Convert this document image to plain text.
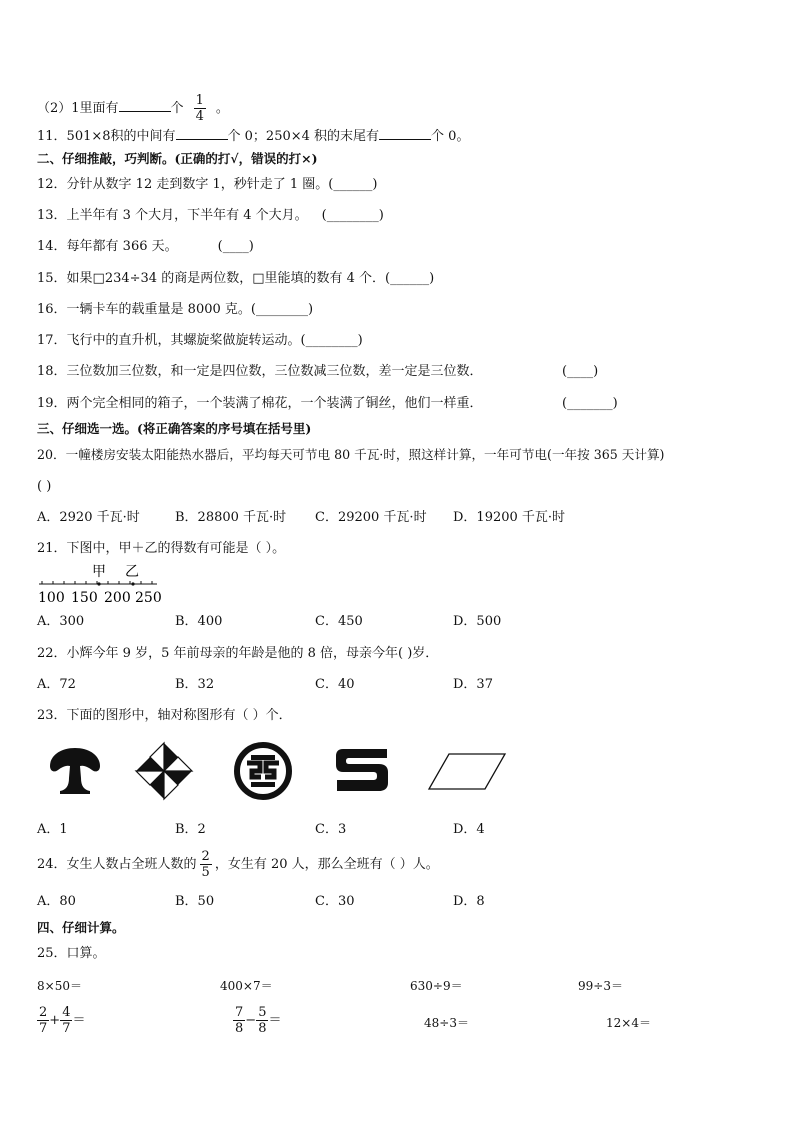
（2）1里面有	个 $\frac{1}{4}$ 。
11．501×8积的中间有	个 0；250×4 积的末尾有	个 0。
二、仔细推敲，巧判断。(正确的打√，错误的打×)
12．分针从数字 12 走到数字 1，秒针走了 1 圈。(______)
13．上半年有 3 个大月，下半年有 4 个大月。 (________)
14．每年都有 366 天。	(____)
15．如果□234÷34 的商是两位数，□里能填的数有 4 个．(______)
16．一辆卡车的载重量是 8000 克。(________)
17．飞行中的直升机，其螺旋桨做旋转运动。(________)
18．三位数加三位数，和一定是四位数，三位数减三位数，差一定是三位数．	(____)
19．两个完全相同的箱子，一个装满了棉花，一个装满了铜丝，他们一样重．	(_______)
三、仔细选一选。(将正确答案的序号填在括号里)
20．一幢楼房安装太阳能热水器后，平均每天可节电 80 千瓦·时，照这样计算，一年可节电(一年按 365 天计算)
( )
A．2920 千瓦·时	B．28800 千瓦·时 C．29200 千瓦·时 D．19200 千瓦·时
21．下图中，甲＋乙的得数有可能是（ ）。
甲 乙
100 150 200 250
A．300	B．400	C．450	D．500
22．小辉今年 9 岁，5 年前母亲的年龄是他的 8 倍，母亲今年( )岁．
A．72	B．32	C．40	D．37
23．下面的图形中，轴对称图形有（ ）个．
A．1	B．2	C．3	D．4
24．女生人数占全班人数的 $\frac{2}{5}$ ，女生有 20 人，那么全班有（ ）人。
A．80	B．50	C．30	D．8
四、仔细计算。
25．口算。
8×50＝	400×7＝	630÷9＝	99÷3＝
$\frac{2}{7} + \frac{4}{7}$ ＝	$\frac{7}{8} - \frac{5}{8}$ ＝	48÷3＝	12×4＝
